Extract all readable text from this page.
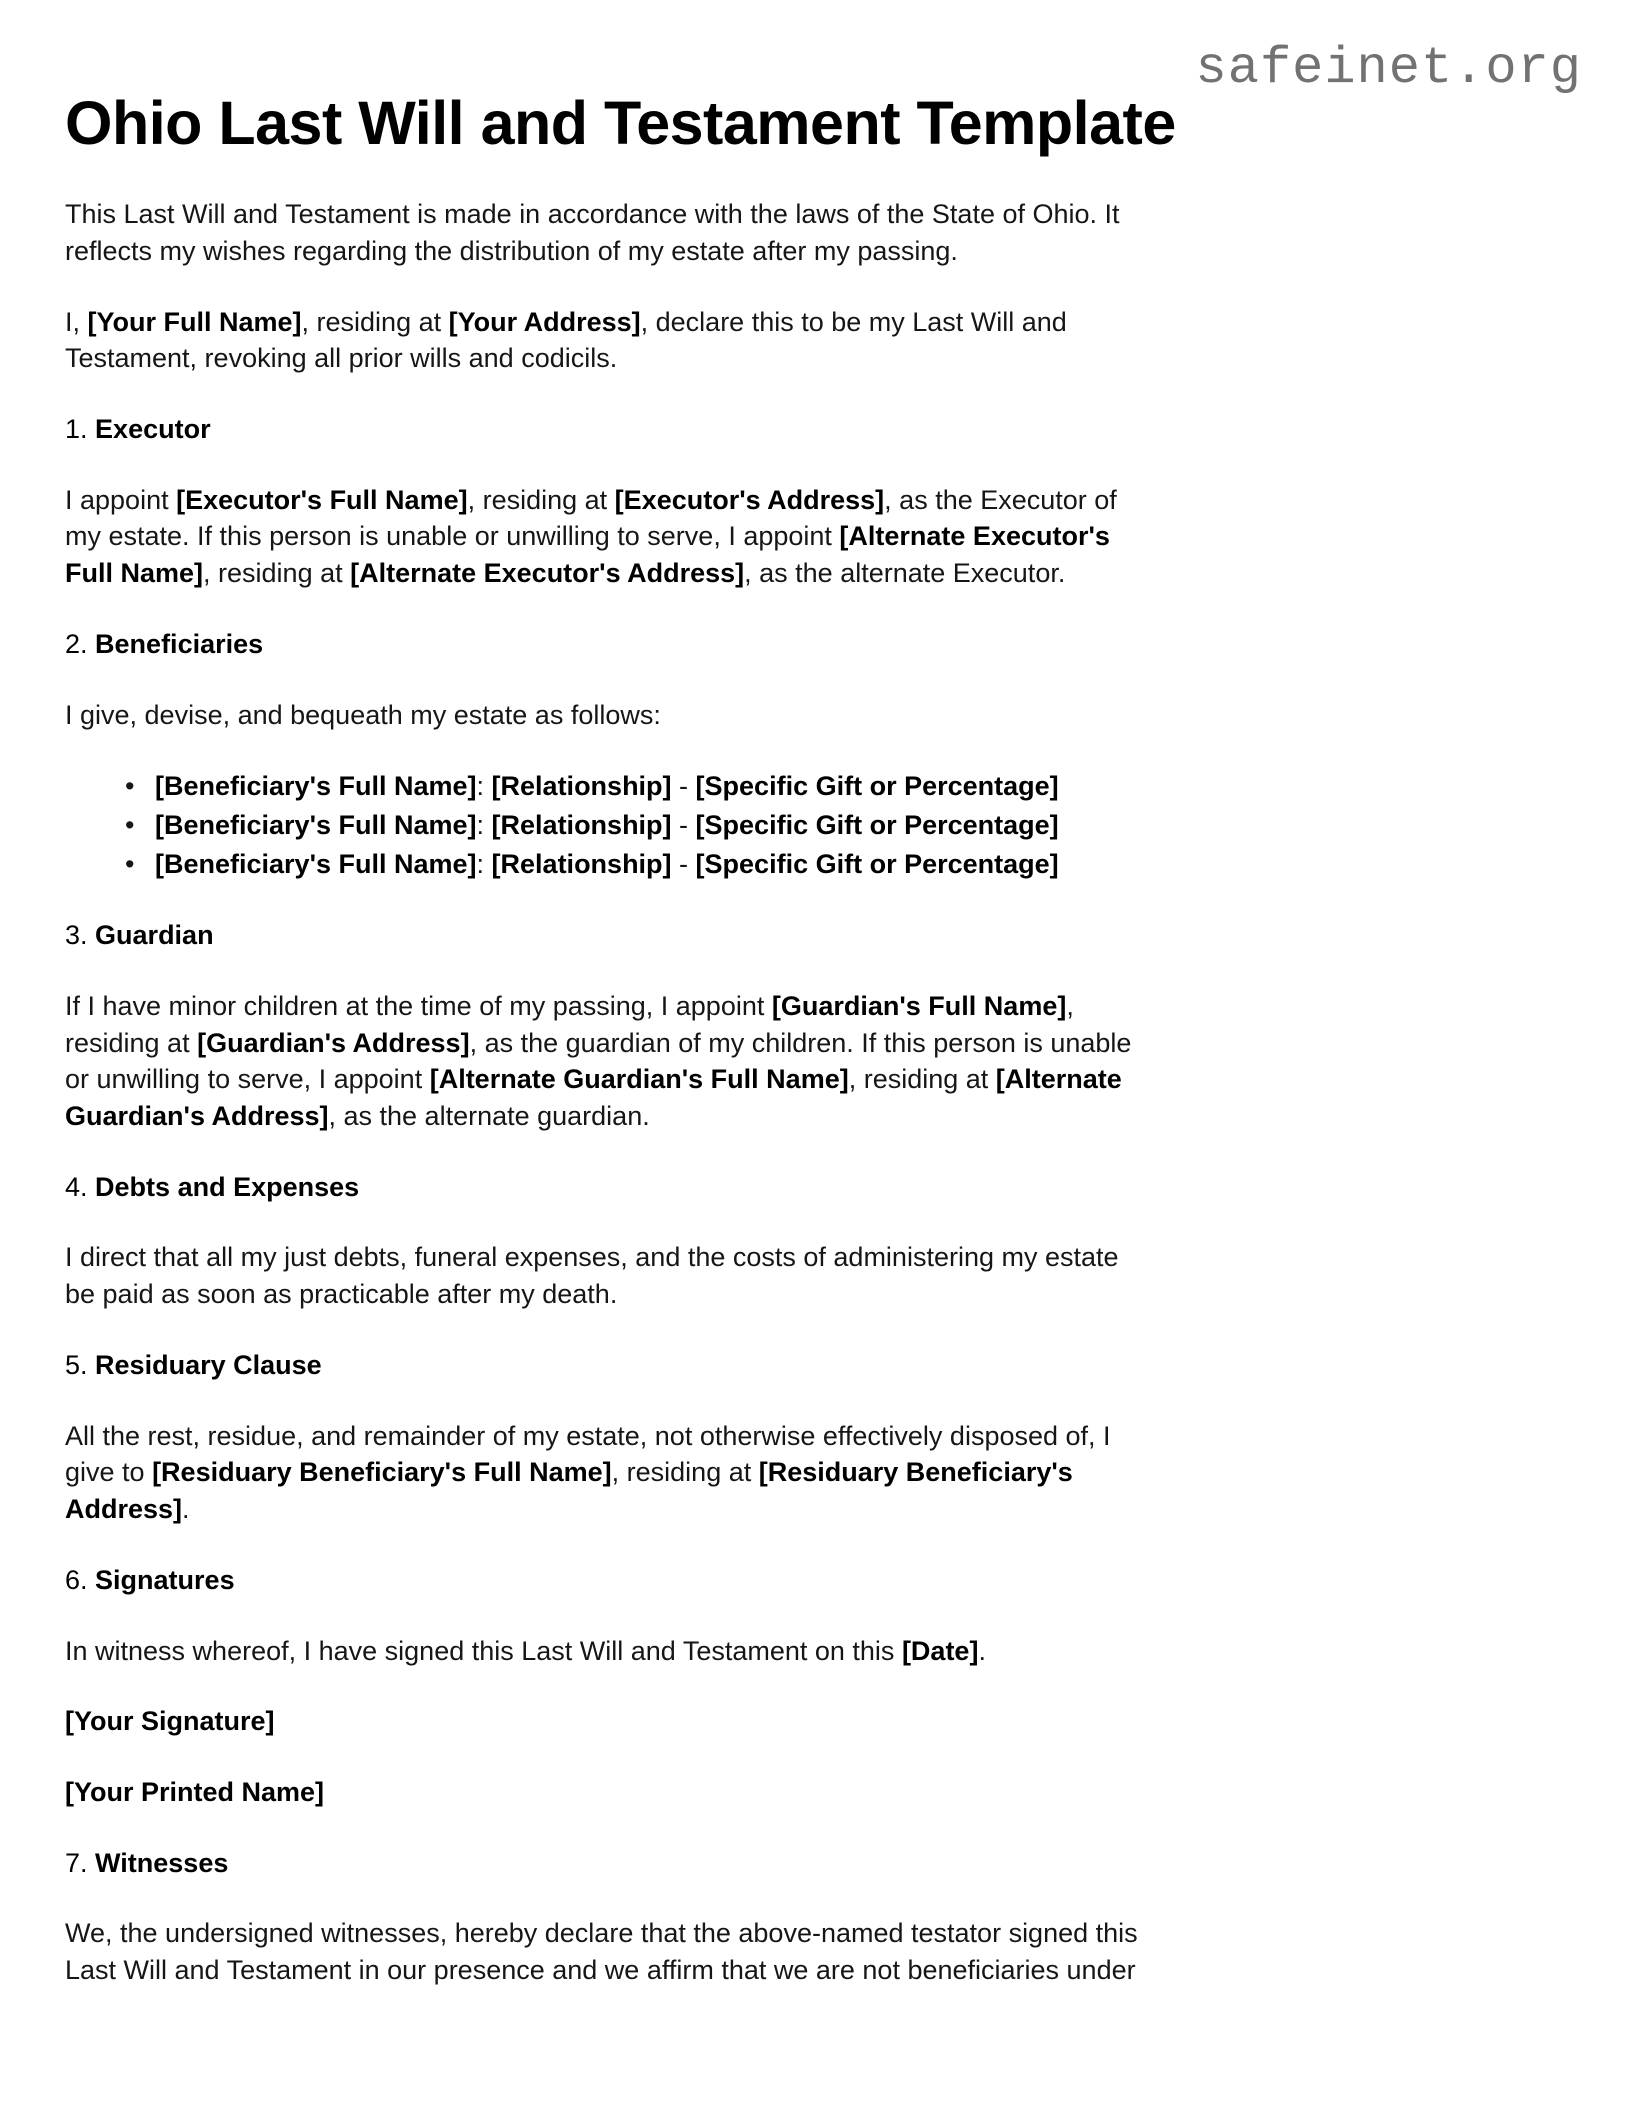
safeinet.org
Ohio Last Will and Testament Template

This Last Will and Testament is made in accordance with the laws of the State of Ohio. It reflects my wishes regarding the distribution of my estate after my passing.

I, [Your Full Name], residing at [Your Address], declare this to be my Last Will and Testament, revoking all prior wills and codicils.

1. Executor

I appoint [Executor's Full Name], residing at [Executor's Address], as the Executor of my estate. If this person is unable or unwilling to serve, I appoint [Alternate Executor's Full Name], residing at [Alternate Executor's Address], as the alternate Executor.

2. Beneficiaries

I give, devise, and bequeath my estate as follows:

• [Beneficiary's Full Name]: [Relationship] - [Specific Gift or Percentage]
• [Beneficiary's Full Name]: [Relationship] - [Specific Gift or Percentage]
• [Beneficiary's Full Name]: [Relationship] - [Specific Gift or Percentage]

3. Guardian

If I have minor children at the time of my passing, I appoint [Guardian's Full Name], residing at [Guardian's Address], as the guardian of my children. If this person is unable or unwilling to serve, I appoint [Alternate Guardian's Full Name], residing at [Alternate Guardian's Address], as the alternate guardian.

4. Debts and Expenses

I direct that all my just debts, funeral expenses, and the costs of administering my estate be paid as soon as practicable after my death.

5. Residuary Clause

All the rest, residue, and remainder of my estate, not otherwise effectively disposed of, I give to [Residuary Beneficiary's Full Name], residing at [Residuary Beneficiary's Address].

6. Signatures

In witness whereof, I have signed this Last Will and Testament on this [Date].

[Your Signature]

[Your Printed Name]

7. Witnesses

We, the undersigned witnesses, hereby declare that the above-named testator signed this Last Will and Testament in our presence and we affirm that we are not beneficiaries under
